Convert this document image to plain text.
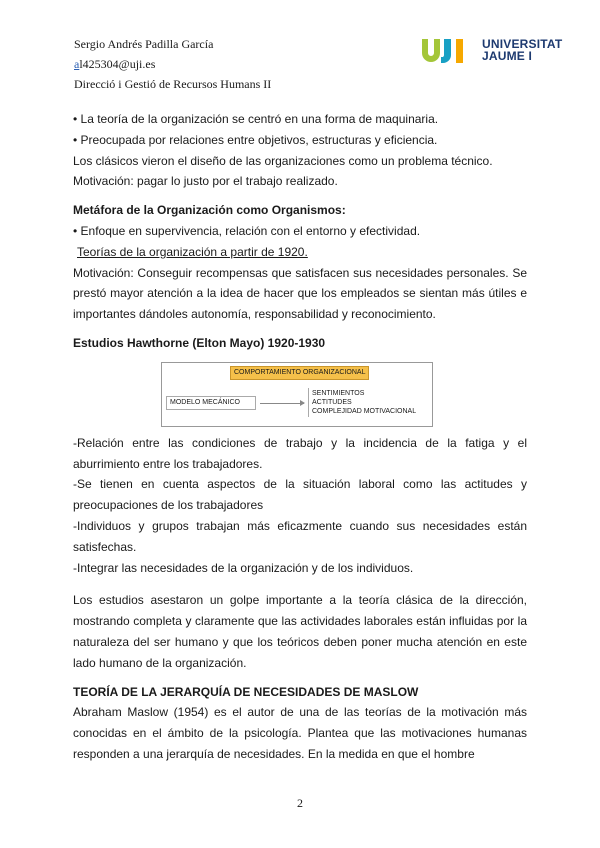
Sergio Andrés Padilla García
al425304@uji.es
Direcció i Gestió de Recursos Humans II
UNIVERSITAT
JAUME I

• La teoría de la organización se centró en una forma de maquinaria.

• Preocupada por relaciones entre objetivos, estructuras y eficiencia.

Los clásicos vieron el diseño de las organizaciones como un problema técnico.

Motivación: pagar lo justo por el trabajo realizado.

Metáfora de la Organización como Organismos:

• Enfoque en supervivencia, relación con el entorno y efectividad.

Teorías de la organización a partir de 1920.

Motivación: Conseguir recompensas que satisfacen sus necesidades personales. Se prestó mayor atención a la idea de hacer que los empleados se sientan más útiles e importantes dándoles autonomía, responsabilidad y reconocimiento.

Estudios Hawthorne (Elton Mayo) 1920-1930

COMPORTAMIENTO ORGANIZACIONAL
MODELO MECÁNICO
SENTIMIENTOS
ACTITUDES
COMPLEJIDAD MOTIVACIONAL

-Relación entre las condiciones de trabajo y la incidencia de la fatiga y el aburrimiento entre los trabajadores.

-Se tienen en cuenta aspectos de la situación laboral como las actitudes y preocupaciones de los trabajadores

-Individuos y grupos trabajan más eficazmente cuando sus necesidades están satisfechas.

-Integrar las necesidades de la organización y de los individuos.

Los estudios asestaron un golpe importante a la teoría clásica de la dirección, mostrando completa y claramente que las actividades laborales están influidas por la naturaleza del ser humano y que los teóricos deben poner mucha atención en este lado humano de la organización.

TEORÍA DE LA JERARQUÍA DE NECESIDADES DE MASLOW

Abraham Maslow (1954) es el autor de una de las teorías de la motivación más conocidas en el ámbito de la psicología. Plantea que las motivaciones humanas responden a una jerarquía de necesidades. En la medida en que el hombre

2
